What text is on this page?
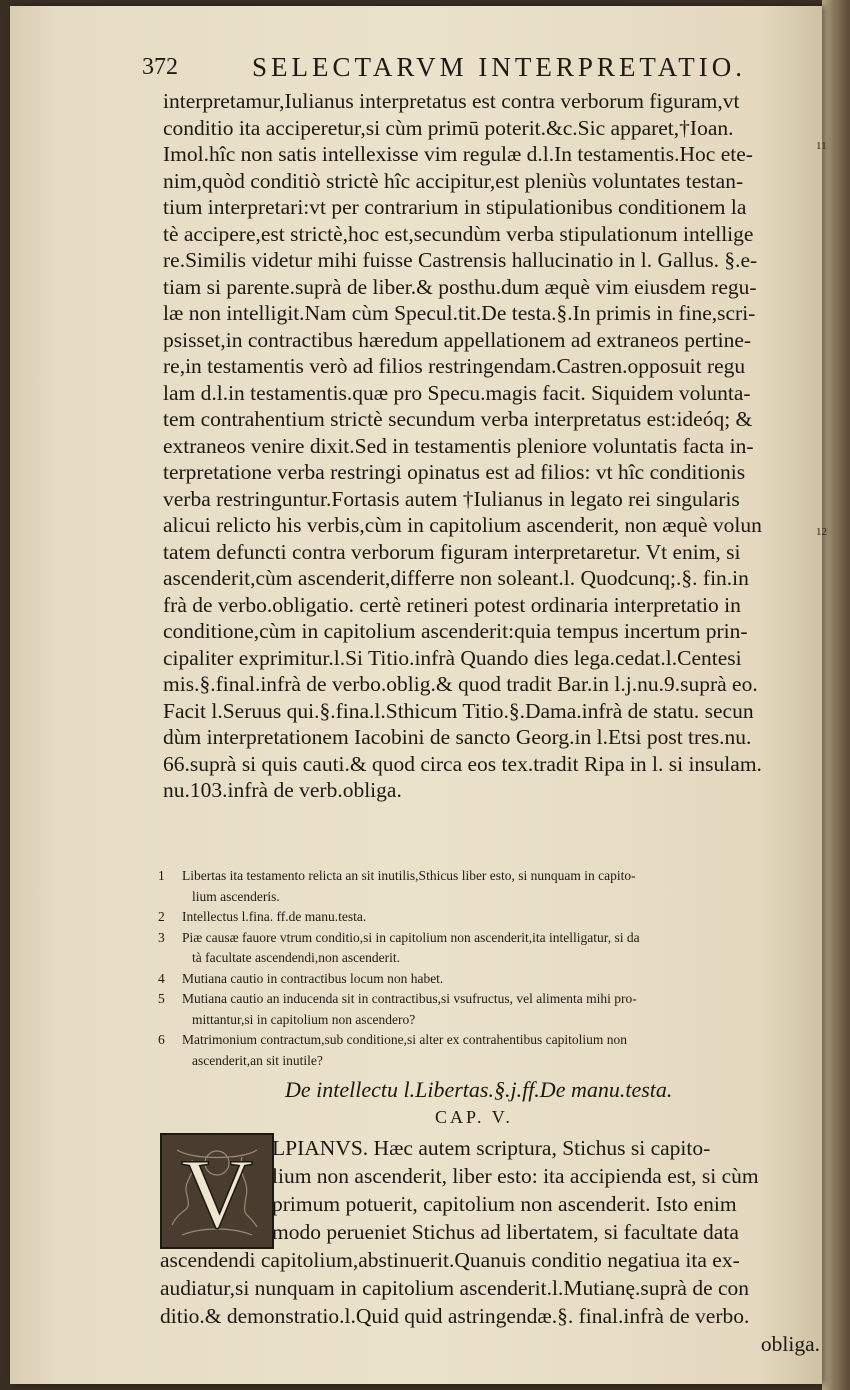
372	SELECTARVM INTERPRETATIO.
11
12
interpretamur,Iulianus interpretatus est contra verborum figuram,vt
conditio ita acciperetur,si cùm primū poterit.&c.Sic apparet,†Ioan.
Imol.hîc non satis intellexisse vim regulæ d.l.In testamentis.Hoc ete-
nim,quòd conditiò strictè hîc accipitur,est pleniùs voluntates testan-
tium interpretari:vt per contrarium in stipulationibus conditionem la
tè accipere,est strictè,hoc est,secundùm verba stipulationum intellige
re.Similis videtur mihi fuisse Castrensis hallucinatio in l. Gallus. §.e-
tiam si parente.suprà de liber.& posthu.dum æquè vim eiusdem regu-
læ non intelligit.Nam cùm Specul.tit.De testa.§.In primis in fine,scri-
psisset,in contractibus hæredum appellationem ad extraneos pertine-
re,in testamentis verò ad filios restringendam.Castren.opposuit regu
lam d.l.in testamentis.quæ pro Specu.magis facit. Siquidem volunta-
tem contrahentium strictè secundum verba interpretatus est:ideóq; &
extraneos venire dixit.Sed in testamentis pleniore voluntatis facta in-
terpretatione verba restringi opinatus est ad filios: vt hîc conditionis
verba restringuntur.Fortasis autem †Iulianus in legato rei singularis
alicui relicto his verbis,cùm in capitolium ascenderit, non æquè volun
tatem defuncti contra verborum figuram interpretaretur. Vt enim, si
ascenderit,cùm ascenderit,differre non soleant.l. Quodcunq;.§. fin.in
frà de verbo.obligatio. certè retineri potest ordinaria interpretatio in
conditione,cùm in capitolium ascenderit:quia tempus incertum prin-
cipaliter exprimitur.l.Si Titio.infrà Quando dies lega.cedat.l.Centesi
mis.§.final.infrà de verbo.oblig.& quod tradit Bar.in l.j.nu.9.suprà eo.
Facit l.Seruus qui.§.fina.l.Sthicum Titio.§.Dama.infrà de statu. secun
dùm interpretationem Iacobini de sancto Georg.in l.Etsi post tres.nu.
66.suprà si quis cauti.& quod circa eos tex.tradit Ripa in l. si insulam.
nu.103.infrà de verb.obliga.
1 Libertas ita testamento relicta an sit inutilis,Sthicus liber esto, si nunquam in capito-
lium ascenderis.
2 Intellectus l.fina. ff.de manu.testa.
3 Piæ causæ fauore vtrum conditio,si in capitolium non ascenderit,ita intelligatur, si da
tà facultate ascendendi,non ascenderit.
4 Mutiana cautio in contractibus locum non habet.
5 Mutiana cautio an inducenda sit in contractibus,si vsufructus, vel alimenta mihi pro-
mittantur,si in capitolium non ascendero?
6 Matrimonium contractum,sub conditione,si alter ex contrahentibus capitolium non
ascenderit,an sit inutile?
De intellectu l.Libertas.§.j.ff.De manu.testa.
CAP. V.
V LPIANVS. Hæc autem scriptura, Stichus si capito-
lium non ascenderit, liber esto: ita accipienda est, si cùm
primum potuerit, capitolium non ascenderit. Isto enim
modo perueniet Stichus ad libertatem, si facultate data
ascendendi capitolium,abstinuerit.Quanuis conditio negatiua ita ex-
audiatur,si nunquam in capitolium ascenderit.l.Mutianę.suprà de con
ditio.& demonstratio.l.Quid quid astringendæ.§. final.infrà de verbo.
obliga.
